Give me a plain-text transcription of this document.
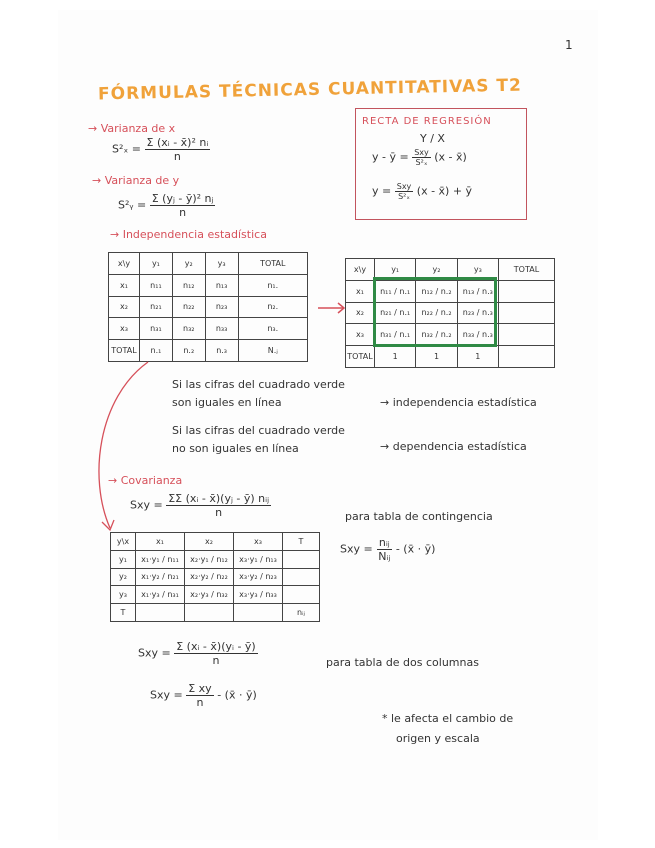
1
FÓRMULAS TÉCNICAS CUANTITATIVAS T2
→ Varianza de x
$S^2_x = \frac{\text{Σ (xᵢ - x̄)² nᵢ}}{n}$
→ Varianza de y
S²ᵧ = $\frac{\text{Σ (yⱼ - ȳ)² nⱼ}}{n}$
RECTA DE REGRESIÓN
Y / X
y - ȳ = $\frac{\text{Sxy}}{\text{S²ₓ}} (x$ - x̄)
$y = \frac{\text{Sxy}}{\text{S²ₓ}} (x$ - x̄) + ȳ
→ Independencia estadística
x\y	y₁	y₂	y₃	TOTAL
x₁	n₁₁	n₁₂	n₁₃	n₁.
x₂	n₂₁	n₂₂	n₂₃	n₂.
x₃	n₃₁	n₃₂	n₃₃	n₃.
TOTAL	n.₁	n.₂	n.₃	N.ⱼ
x\y	y₁	y₂	y₃	TOTAL
x₁	n₁₁ / n.₁	n₁₂ / n.₂	n₁₃ / n.₃	
x₂	n₂₁ / n.₁	n₂₂ / n.₂	n₂₃ / n.₃	
x₃	n₃₁ / n.₁	n₃₂ / n.₂	n₃₃ / n.₃	
TOTAL	1	1	1	
Si las cifras del cuadrado verde
son iguales en línea	→ independencia estadística
Si las cifras del cuadrado verde
no son iguales en línea	→ dependencia estadística
→ Covarianza
Sxy = $\frac{\text{ΣΣ (xᵢ - x̄)(yⱼ - ȳ) nᵢⱼ}}{n}$	para tabla de contingencia
Sxy = $\frac{\text{nᵢⱼ}}{\text{Nᵢⱼ}}$ - (x̄ · ȳ)
y\x	x₁	x₂	x₃	T
y₁	x₁·y₁ / n₁₁	x₂·y₁ / n₁₂	x₃·y₁ / n₁₃	
y₂	x₁·y₂ / n₂₁	x₂·y₂ / n₂₂	x₃·y₂ / n₂₃	
y₃	x₁·y₃ / n₃₁	x₂·y₃ / n₃₂	x₃·y₃ / n₃₃	
T				nᵢⱼ
Sxy = $\frac{\text{Σ (xᵢ - x̄)(yᵢ - ȳ)}}{n}$	para tabla de dos columnas
Sxy = $\frac{\text{Σ xy}}{n}$ - (x̄ · ȳ)
* le afecta el cambio de
origen y escala
